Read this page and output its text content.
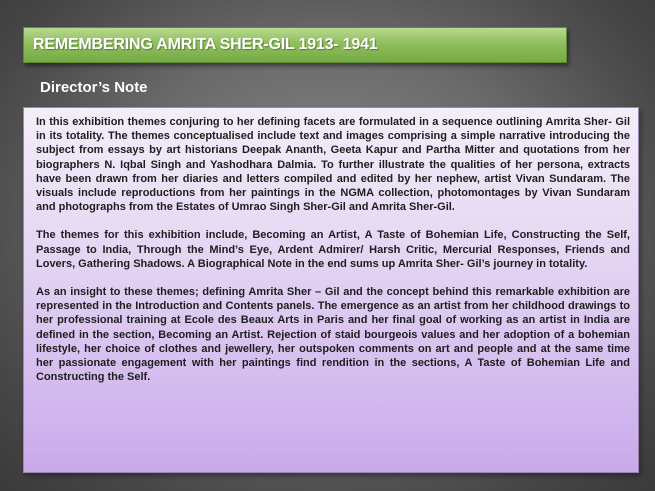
REMEMBERING AMRITA SHER-GIL 1913- 1941
Director’s Note

In this exhibition themes conjuring to her defining facets are formulated in a sequence outlining Amrita Sher- Gil in its totality. The themes conceptualised include text and images comprising a simple narrative introducing the subject from essays by art historians Deepak Ananth, Geeta Kapur and Partha Mitter and quotations from her biographers N. Iqbal Singh and Yashodhara Dalmia. To further illustrate the qualities of her persona, extracts have been drawn from her diaries and letters compiled and edited by her nephew, artist Vivan Sundaram. The visuals include reproductions from her paintings in the NGMA collection, photomontages by Vivan Sundaram and photographs from the Estates of Umrao Singh Sher-Gil and Amrita Sher-Gil.

The themes for this exhibition include, Becoming an Artist, A Taste of Bohemian Life, Constructing the Self, Passage to India, Through the Mind’s Eye, Ardent Admirer/ Harsh Critic, Mercurial Responses, Friends and Lovers, Gathering Shadows. A Biographical Note in the end sums up Amrita Sher- Gil’s journey in totality.

As an insight to these themes; defining Amrita Sher – Gil and the concept behind this remarkable exhibition are represented in the Introduction and Contents panels. The emergence as an artist from her childhood drawings to her professional training at Ecole des Beaux Arts in Paris and her final goal of working as an artist in India are defined in the section, Becoming an Artist. Rejection of staid bourgeois values and her adoption of a bohemian lifestyle, her choice of clothes and jewellery, her outspoken comments on art and people and at the same time her passionate engagement with her paintings find rendition in the sections, A Taste of Bohemian Life and Constructing the Self.
